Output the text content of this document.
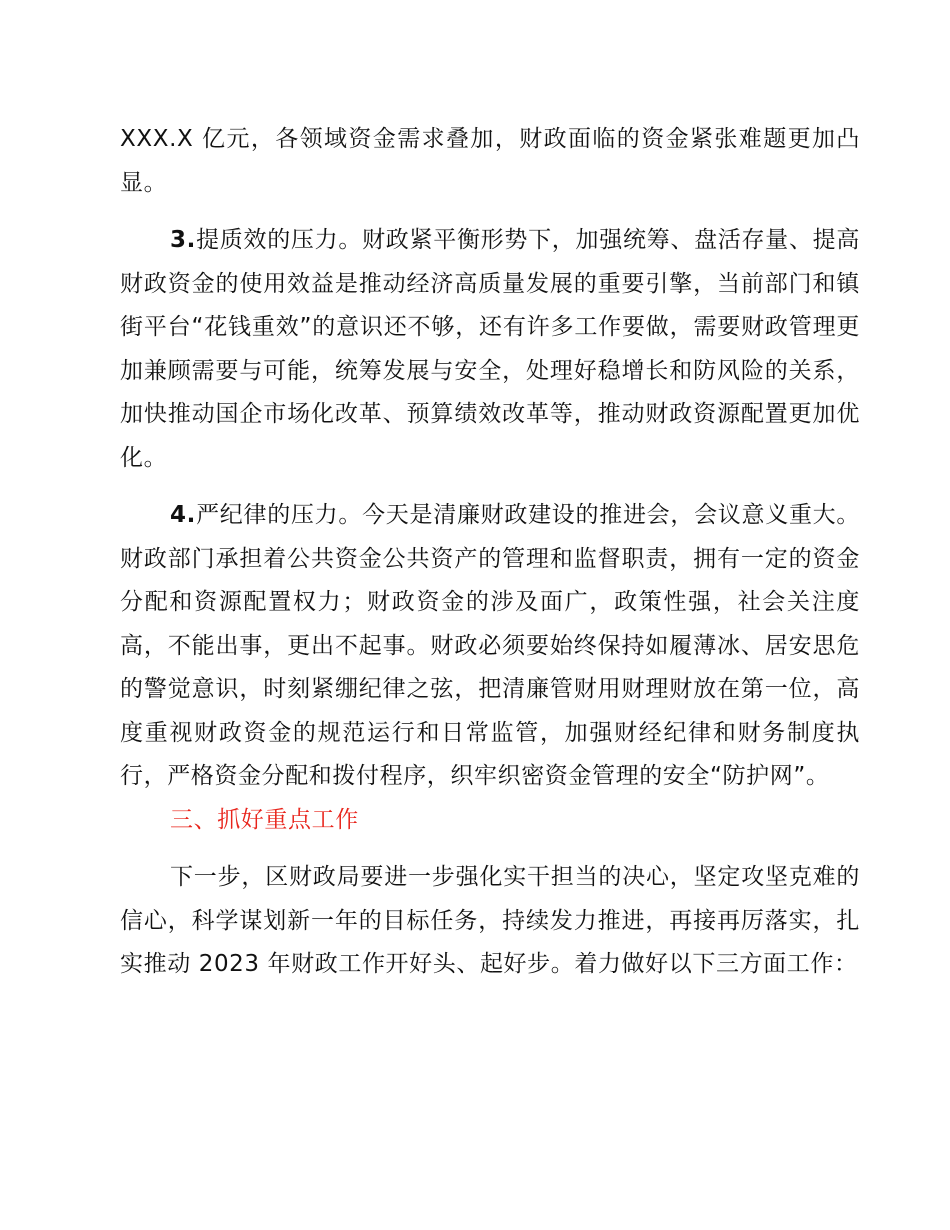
XXX.X 亿元，各领域资金需求叠加，财政面临的资金紧张难题更加凸显。

3.提质效的压力。财政紧平衡形势下，加强统筹、盘活存量、提高财政资金的使用效益是推动经济高质量发展的重要引擎，当前部门和镇街平台“花钱重效”的意识还不够，还有许多工作要做，需要财政管理更加兼顾需要与可能，统筹发展与安全，处理好稳增长和防风险的关系，加快推动国企市场化改革、预算绩效改革等，推动财政资源配置更加优化。

4.严纪律的压力。今天是清廉财政建设的推进会，会议意义重大。财政部门承担着公共资金公共资产的管理和监督职责，拥有一定的资金分配和资源配置权力；财政资金的涉及面广，政策性强，社会关注度高，不能出事，更出不起事。财政必须要始终保持如履薄冰、居安思危的警觉意识，时刻紧绷纪律之弦，把清廉管财用财理财放在第一位，高度重视财政资金的规范运行和日常监管，加强财经纪律和财务制度执行，严格资金分配和拨付程序，织牢织密资金管理的安全“防护网”。

三、抓好重点工作

下一步，区财政局要进一步强化实干担当的决心，坚定攻坚克难的信心，科学谋划新一年的目标任务，持续发力推进，再接再厉落实，扎实推动 2023 年财政工作开好头、起好步。着力做好以下三方面工作：
